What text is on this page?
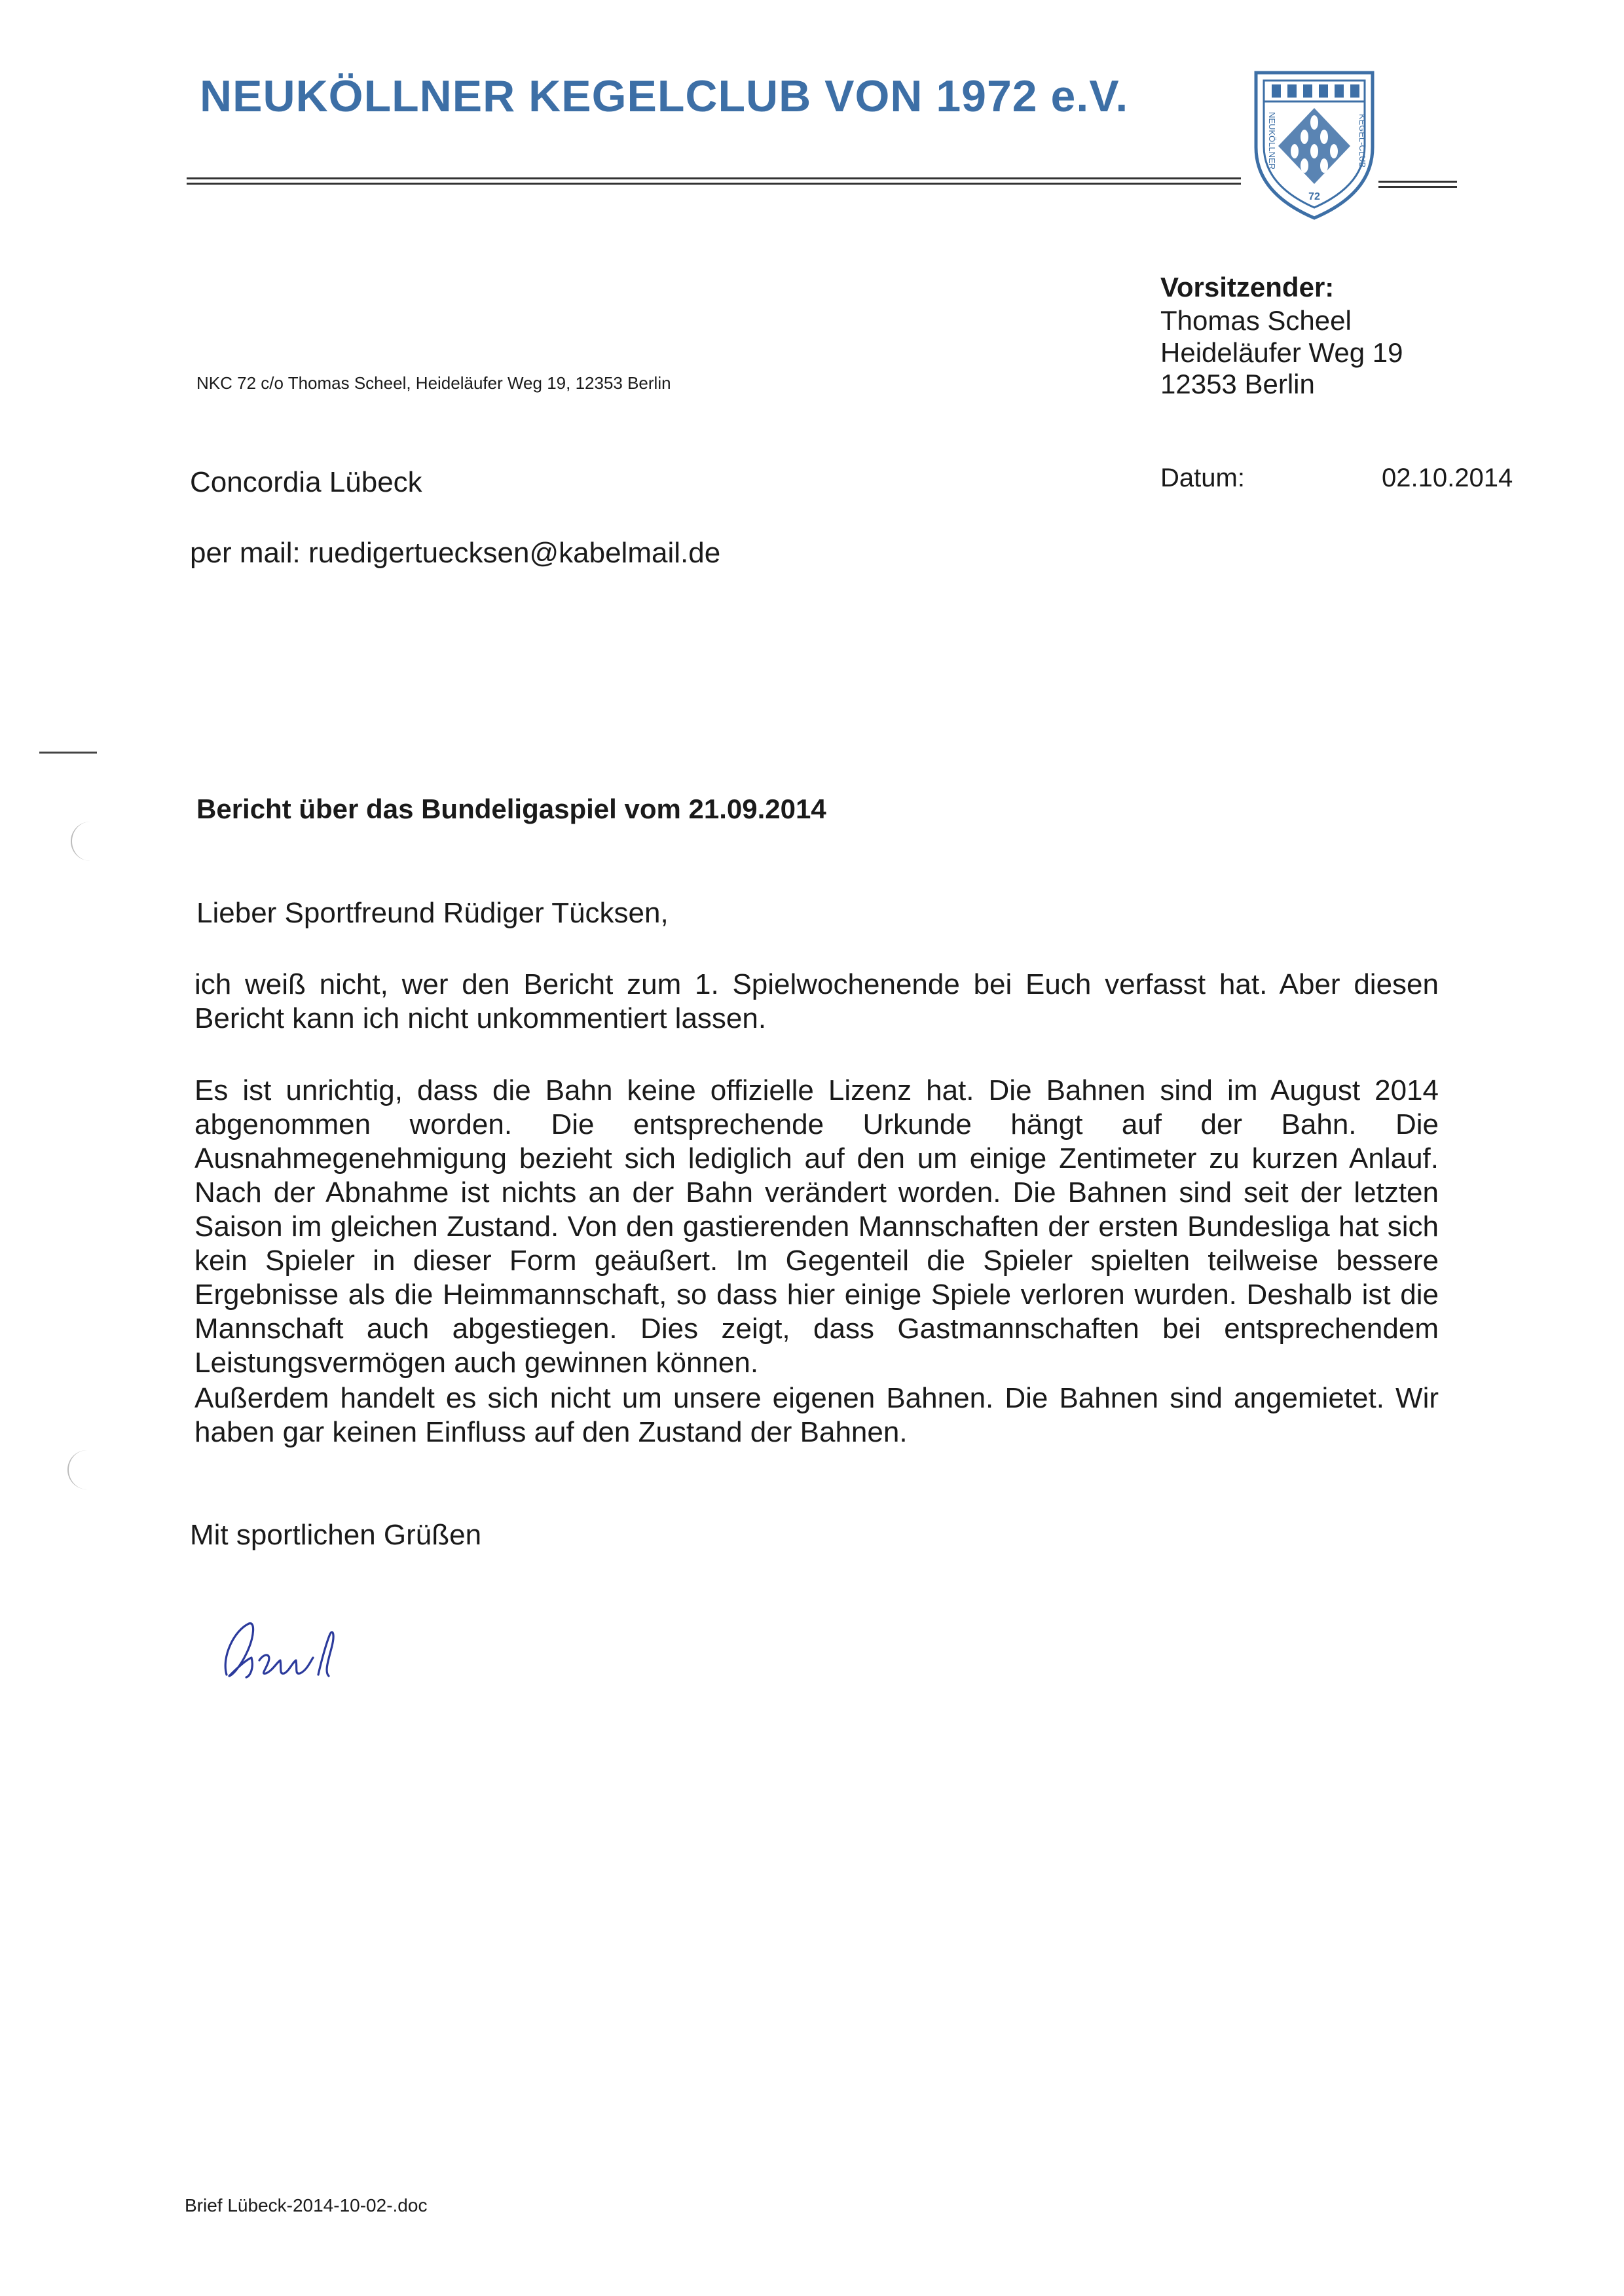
NEUKÖLLNER KEGELCLUB VON 1972 e.V.
NEUKÖLLNER	KEGEL-CLUB
72
Vorsitzender:
Thomas Scheel
Heideläufer Weg 19
12353 Berlin
NKC 72 c/o Thomas Scheel, Heideläufer Weg 19, 12353 Berlin
Concordia Lübeck
per mail: ruedigertuecksen@kabelmail.de
Datum:	02.10.2014
Bericht über das Bundeligaspiel vom 21.09.2014
Lieber Sportfreund Rüdiger Tücksen,
ich weiß nicht, wer den Bericht zum 1. Spielwochenende bei Euch verfasst hat. Aber diesen Bericht kann ich nicht unkommentiert lassen.
Es ist unrichtig, dass die Bahn keine offizielle Lizenz hat. Die Bahnen sind im August 2014 abgenommen worden. Die entsprechende Urkunde hängt auf der Bahn. Die Ausnahmegenehmigung bezieht sich lediglich auf den um einige Zentimeter zu kurzen Anlauf. Nach der Abnahme ist nichts an der Bahn verändert worden. Die Bahnen sind seit der letzten Saison im gleichen Zustand. Von den gastierenden Mannschaften der ersten Bundesliga hat sich kein Spieler in dieser Form geäußert. Im Gegenteil die Spieler spielten teilweise bessere Ergebnisse als die Heimmannschaft, so dass hier einige Spiele verloren wurden. Deshalb ist die Mannschaft auch abgestiegen. Dies zeigt, dass Gastmannschaften bei entsprechendem Leistungsvermögen auch gewinnen können.
Außerdem handelt es sich nicht um unsere eigenen Bahnen. Die Bahnen sind angemietet. Wir haben gar keinen Einfluss auf den Zustand der Bahnen.
Mit sportlichen Grüßen
Brief Lübeck-2014-10-02-.doc
